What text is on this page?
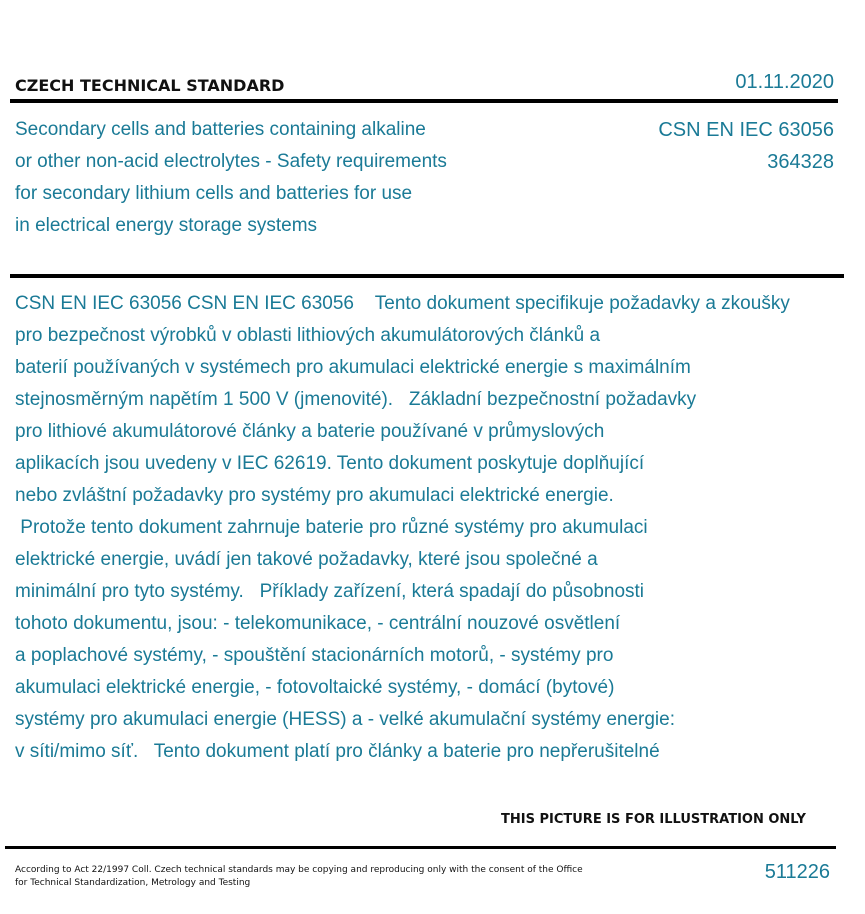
CZECH TECHNICAL STANDARD	01.11.2020
Secondary cells and batteries containing alkaline
or other non-acid electrolytes - Safety requirements
for secondary lithium cells and batteries for use
in electrical energy storage systems
CSN EN IEC 63056
364328
CSN EN IEC 63056 CSN EN IEC 63056    Tento dokument specifikuje požadavky a zkoušky
pro bezpečnost výrobků v oblasti lithiových akumulátorových článků a
baterií používaných v systémech pro akumulaci elektrické energie s maximálním
stejnosměrným napětím 1 500 V (jmenovité).   Základní bezpečnostní požadavky
pro lithiové akumulátorové články a baterie používané v průmyslových
aplikacích jsou uvedeny v IEC 62619. Tento dokument poskytuje doplňující
nebo zvláštní požadavky pro systémy pro akumulaci elektrické energie.
Protože tento dokument zahrnuje baterie pro různé systémy pro akumulaci
elektrické energie, uvádí jen takové požadavky, které jsou společné a
minimální pro tyto systémy.   Příklady zařízení, která spadají do působnosti
tohoto dokumentu, jsou: - telekomunikace, - centrální nouzové osvětlení
a poplachové systémy, - spouštění stacionárních motorů, - systémy pro
akumulaci elektrické energie, - fotovoltaické systémy, - domácí (bytové)
systémy pro akumulaci energie (HESS) a - velké akumulační systémy energie:
v síti/mimo síť.   Tento dokument platí pro články a baterie pro nepřerušitelné
THIS PICTURE IS FOR ILLUSTRATION ONLY
According to Act 22/1997 Coll. Czech technical standards may be copying and reproducing only with the consent of the Office
for Technical Standardization, Metrology and Testing	511226
